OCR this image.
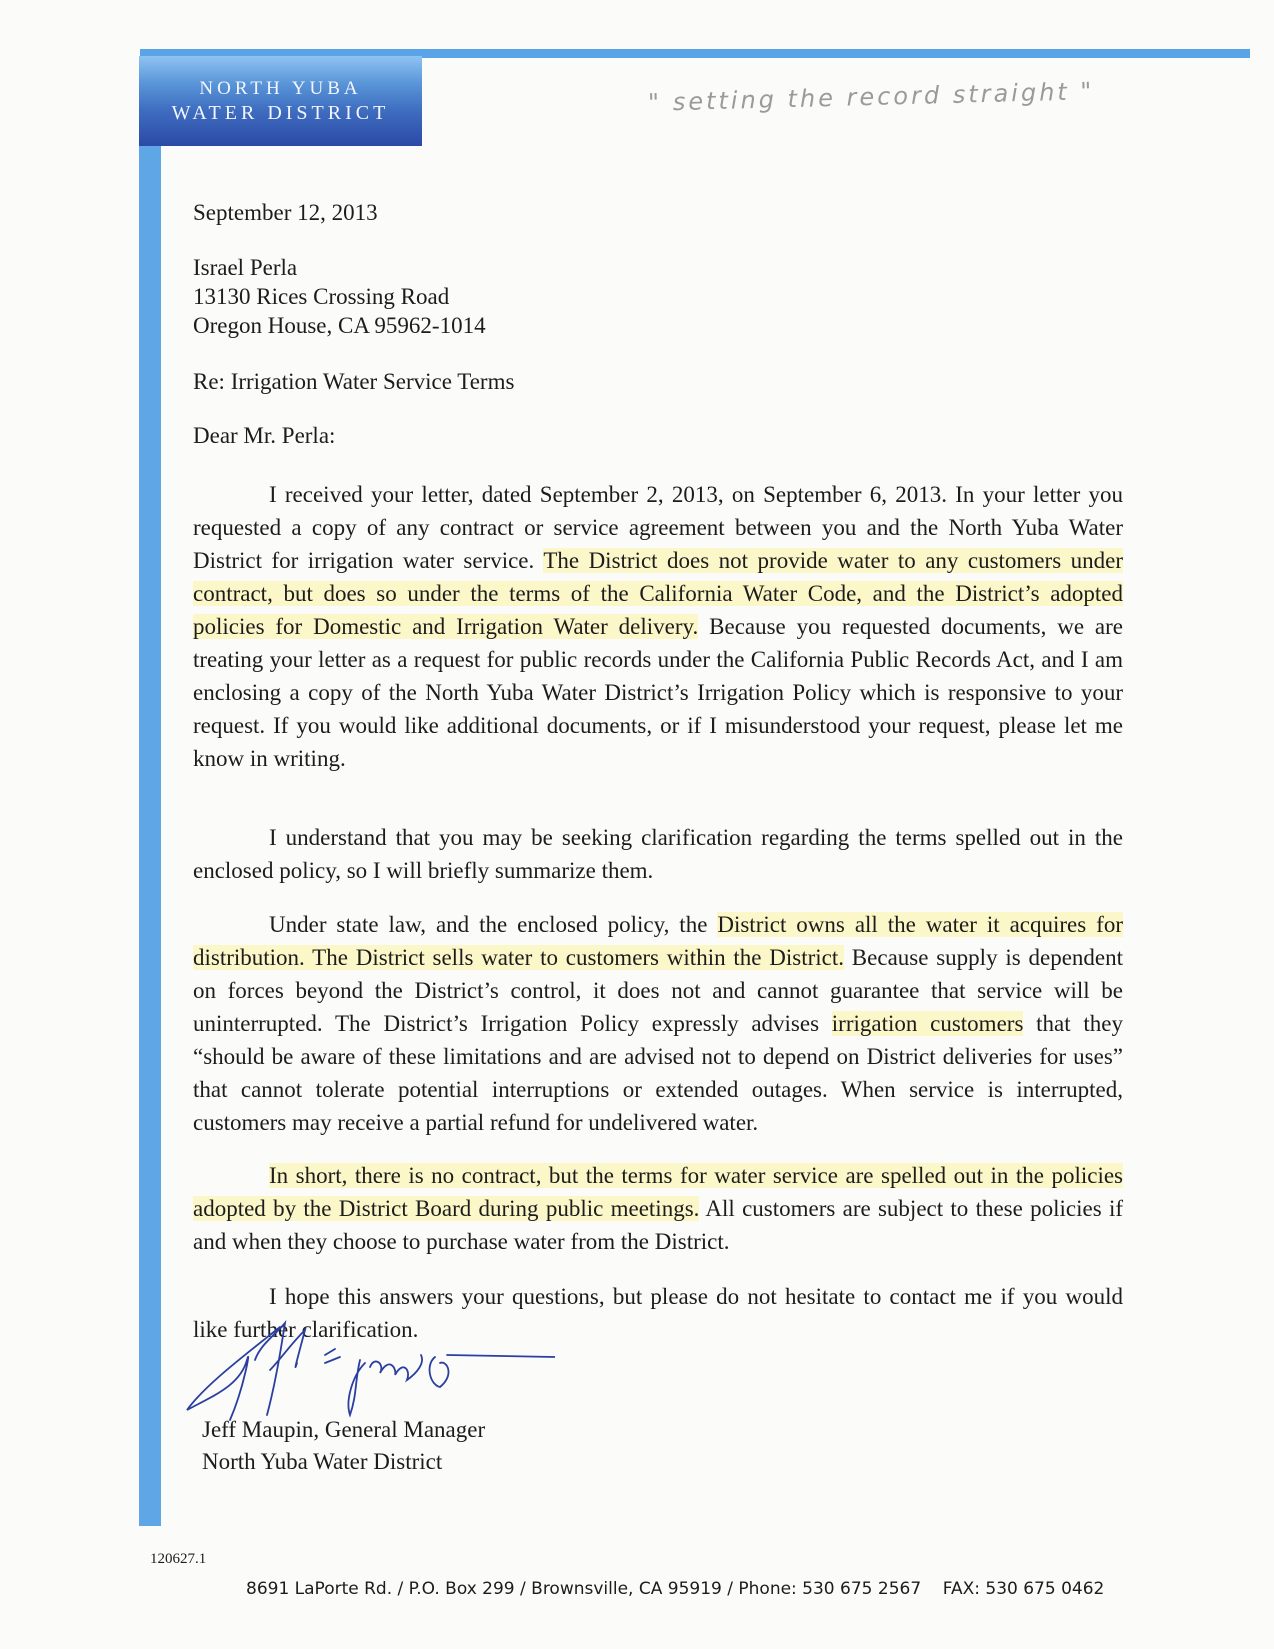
NORTH YUBA
WATER DISTRICT	" setting the record straight "
September 12, 2013
Israel Perla
13130 Rices Crossing Road
Oregon House, CA 95962-1014
Re: Irrigation Water Service Terms
Dear Mr. Perla:

I received your letter, dated September 2, 2013, on September 6, 2013. In your letter you requested a copy of any contract or service agreement between you and the North Yuba Water District for irrigation water service. The District does not provide water to any customers under contract, but does so under the terms of the California Water Code, and the District’s adopted policies for Domestic and Irrigation Water delivery. Because you requested documents, we are treating your letter as a request for public records under the California Public Records Act, and I am enclosing a copy of the North Yuba Water District’s Irrigation Policy which is responsive to your request. If you would like additional documents, or if I misunderstood your request, please let me know in writing.

I understand that you may be seeking clarification regarding the terms spelled out in the enclosed policy, so I will briefly summarize them.

Under state law, and the enclosed policy, the District owns all the water it acquires for distribution. The District sells water to customers within the District. Because supply is dependent on forces beyond the District’s control, it does not and cannot guarantee that service will be uninterrupted. The District’s Irrigation Policy expressly advises irrigation customers that they “should be aware of these limitations and are advised not to depend on District deliveries for uses” that cannot tolerate potential interruptions or extended outages. When service is interrupted, customers may receive a partial refund for undelivered water.

In short, there is no contract, but the terms for water service are spelled out in the policies adopted by the District Board during public meetings. All customers are subject to these policies if and when they choose to purchase water from the District.

I hope this answers your questions, but please do not hesitate to contact me if you would like further clarification.

Jeff Maupin, General Manager
North Yuba Water District
120627.1
8691 LaPorte Rd. / P.O. Box 299 / Brownsville, CA 95919 / Phone: 530 675 2567    FAX: 530 675 0462
